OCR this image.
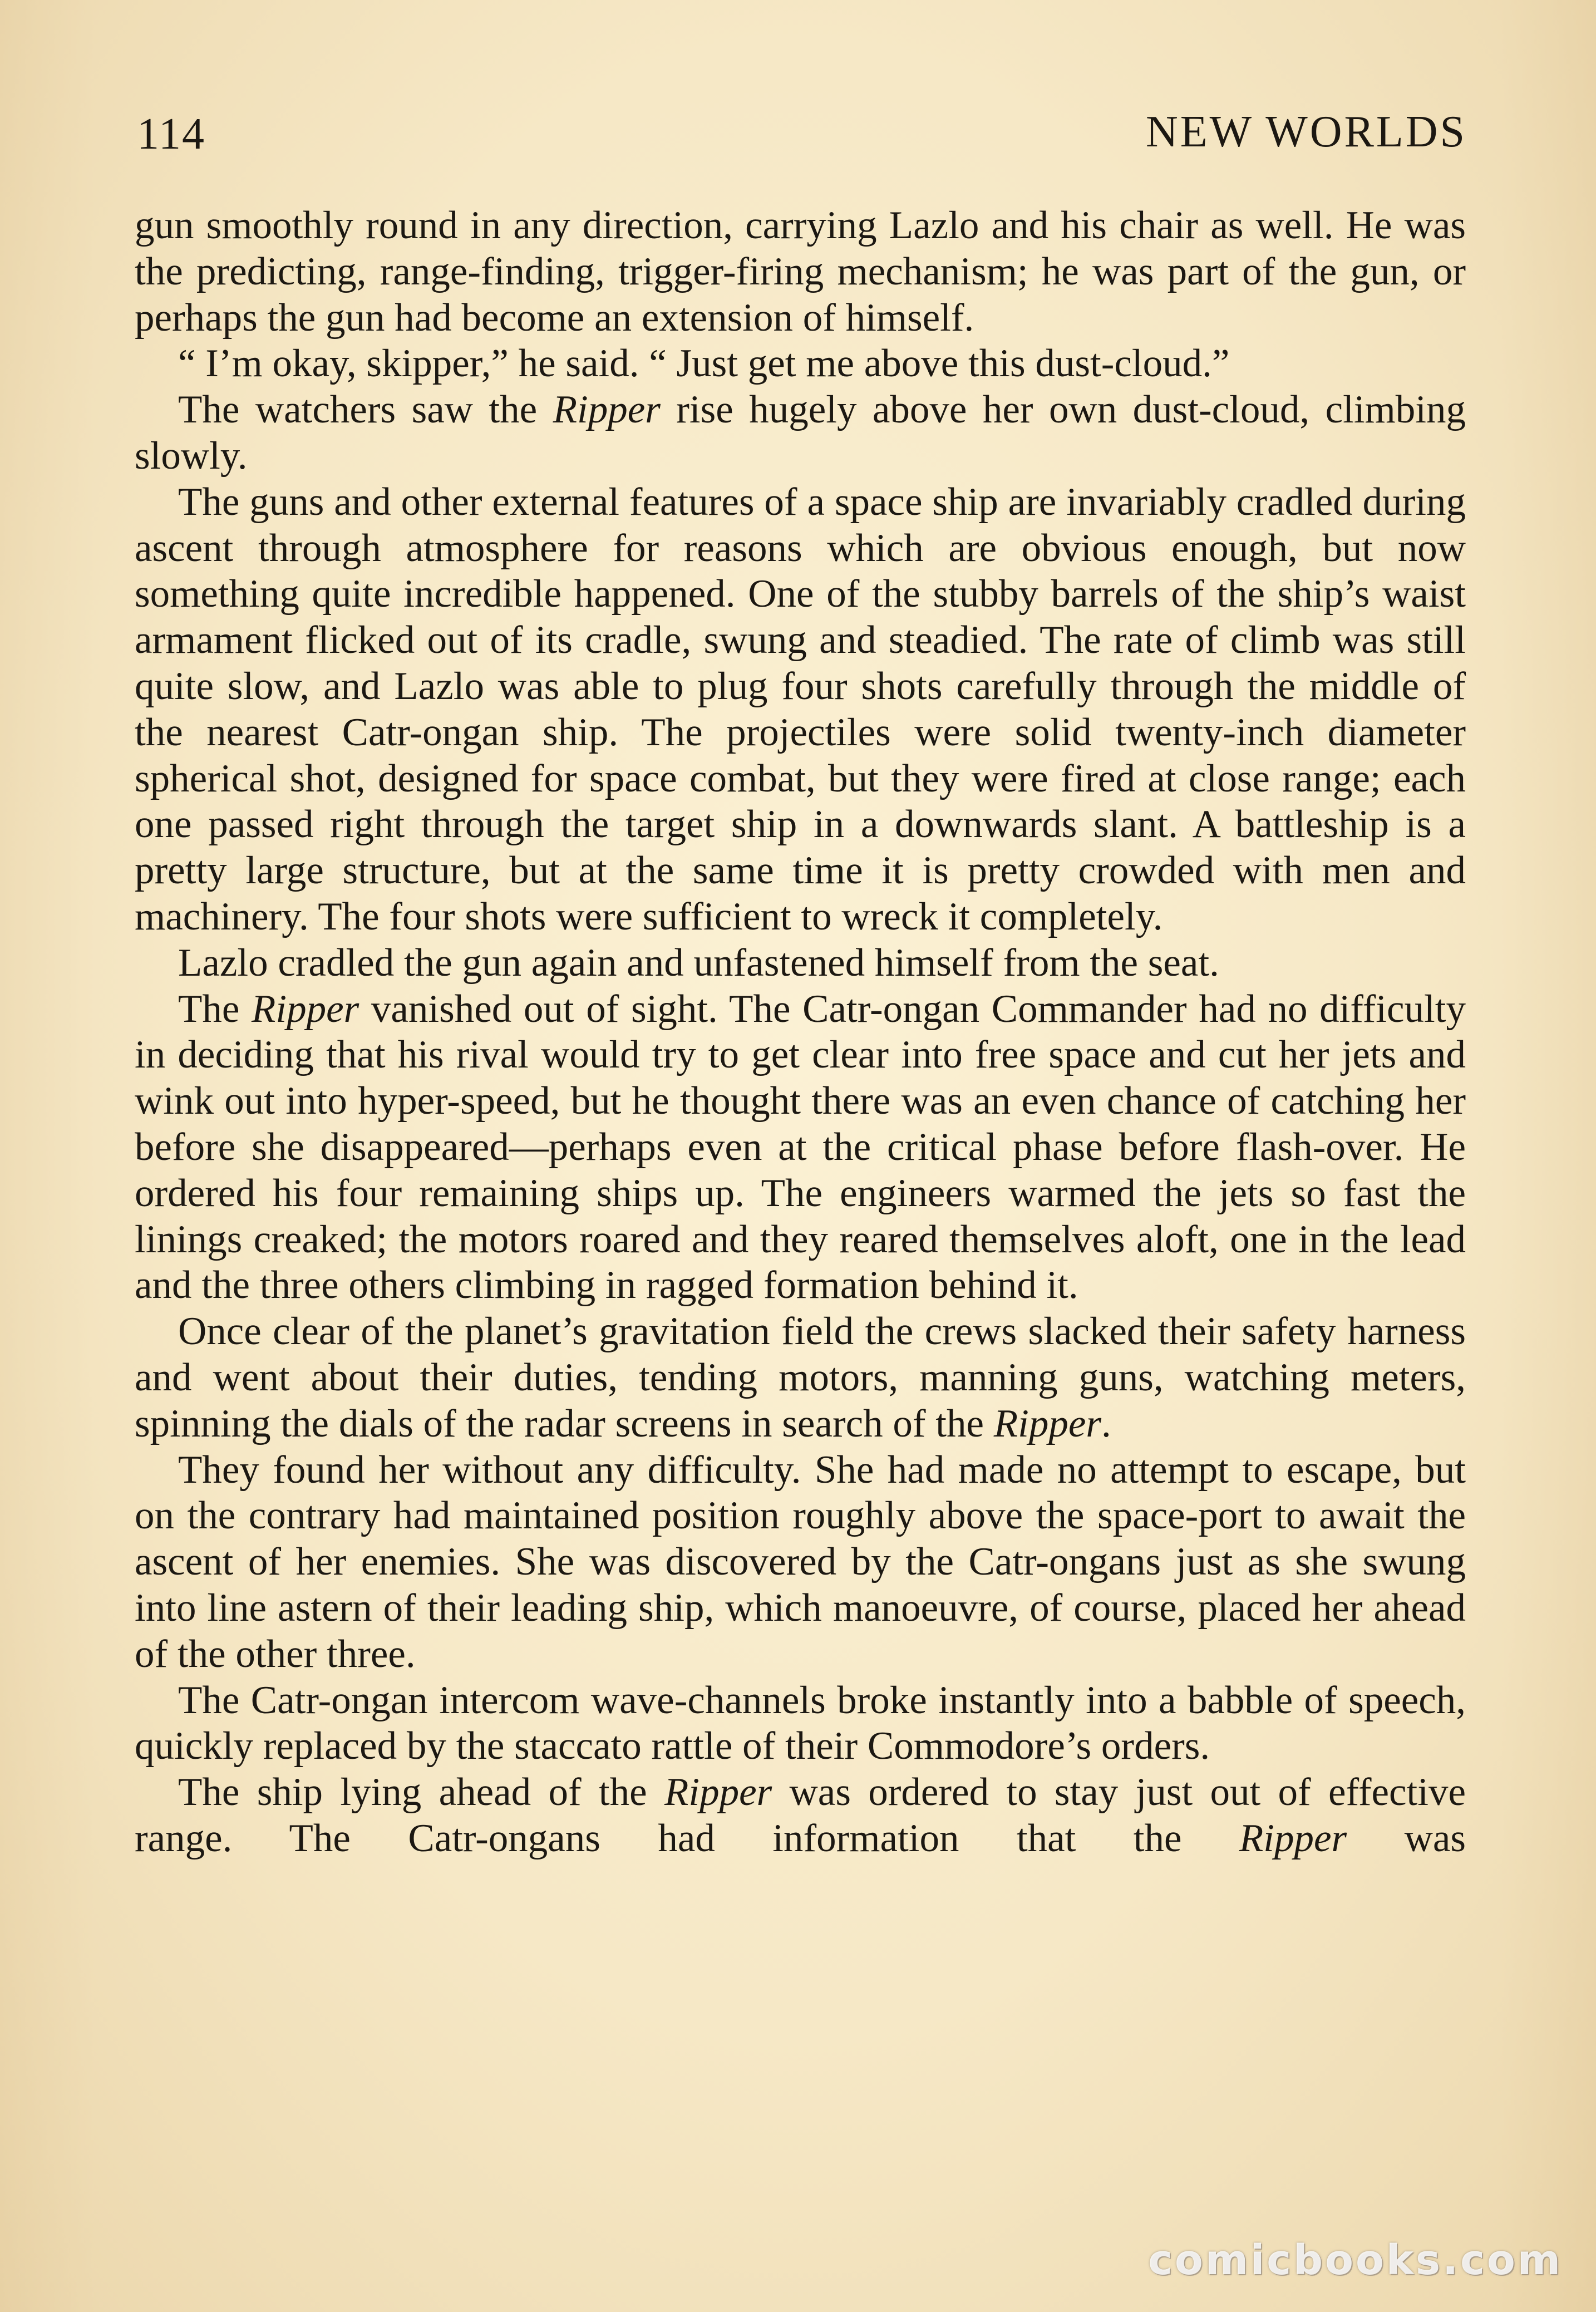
114	NEW WORLDS

gun smoothly round in any direction, carrying Lazlo and his chair as well. He was the predicting, range-finding, trigger-firing mechanism; he was part of the gun, or perhaps the gun had become an extension of himself.

“ I’m okay, skipper,” he said. “ Just get me above this dust-cloud.”

The watchers saw the Ripper rise hugely above her own dust-cloud, climbing slowly.

The guns and other external features of a space ship are invariably cradled during ascent through atmosphere for reasons which are obvious enough, but now something quite incredible happened. One of the stubby barrels of the ship’s waist armament flicked out of its cradle, swung and steadied. The rate of climb was still quite slow, and Lazlo was able to plug four shots carefully through the middle of the nearest Catr-ongan ship. The projectiles were solid twenty-inch diameter spherical shot, designed for space combat, but they were fired at close range; each one passed right through the target ship in a downwards slant. A battleship is a pretty large structure, but at the same time it is pretty crowded with men and machinery. The four shots were sufficient to wreck it completely.

Lazlo cradled the gun again and unfastened himself from the seat.

The Ripper vanished out of sight. The Catr-ongan Commander had no difficulty in deciding that his rival would try to get clear into free space and cut her jets and wink out into hyper-speed, but he thought there was an even chance of catching her before she disappeared—perhaps even at the critical phase before flash-over. He ordered his four remaining ships up. The engineers warmed the jets so fast the linings creaked; the motors roared and they reared themselves aloft, one in the lead and the three others climbing in ragged formation behind it.

Once clear of the planet’s gravitation field the crews slacked their safety harness and went about their duties, tending motors, manning guns, watching meters, spinning the dials of the radar screens in search of the Ripper.

They found her without any difficulty. She had made no attempt to escape, but on the contrary had maintained position roughly above the space-port to await the ascent of her enemies. She was discovered by the Catr-ongans just as she swung into line astern of their leading ship, which manoeuvre, of course, placed her ahead of the other three.

The Catr-ongan intercom wave-channels broke instantly into a babble of speech, quickly replaced by the staccato rattle of their Commodore’s orders.

The ship lying ahead of the Ripper was ordered to stay just out of effective range. The Catr-ongans had information that the Ripper was

comicbooks.com
